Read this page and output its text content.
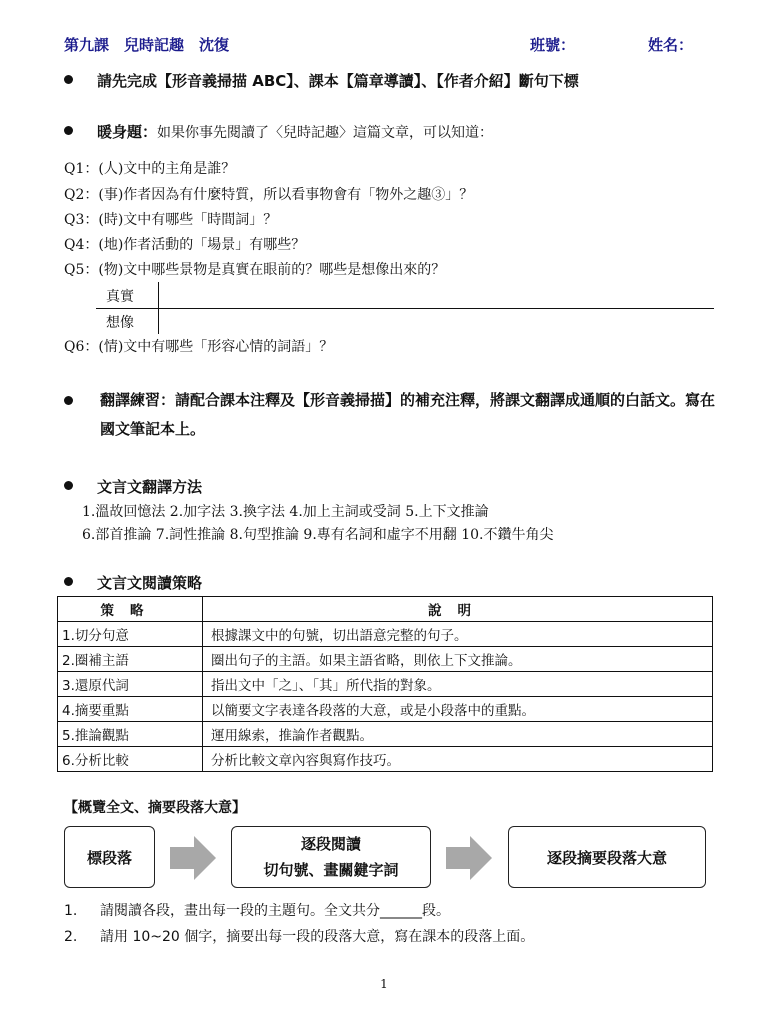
第九課　兒時記趣　沈復	班號：	姓名：
請先完成【形音義掃描 ABC】、課本【篇章導讀】、【作者介紹】斷句下標
暖身題：如果你事先閱讀了〈兒時記趣〉這篇文章，可以知道：
Q1：(人)文中的主角是誰？
Q2：(事)作者因為有什麼特質，所以看事物會有「物外之趣③」？
Q3：(時)文中有哪些「時間詞」？
Q4：(地)作者活動的「場景」有哪些？
Q5：(物)文中哪些景物是真實在眼前的？哪些是想像出來的？
真實
想像
Q6：(情)文中有哪些「形容心情的詞語」？
翻譯練習：請配合課本注釋及【形音義掃描】的補充注釋，將課文翻譯成通順的白話文。寫在國文筆記本上。
文言文翻譯方法
1.溫故回憶法 2.加字法 3.換字法 4.加上主詞或受詞 5.上下文推論
6.部首推論 7.詞性推論 8.句型推論 9.專有名詞和虛字不用翻 10.不鑽牛角尖
文言文閱讀策略
策略	說明
1.切分句意	根據課文中的句號，切出語意完整的句子。
2.圈補主語	圈出句子的主語。如果主語省略，則依上下文推論。
3.還原代詞	指出文中「之」、「其」所代指的對象。
4.摘要重點	以簡要文字表達各段落的大意，或是小段落中的重點。
5.推論觀點	運用線索，推論作者觀點。
6.分析比較	分析比較文章內容與寫作技巧。
【概覽全文、摘要段落大意】
標段落
逐段閱讀
切句號、畫關鍵字詞
逐段摘要段落大意
1. 請閱讀各段，畫出每一段的主題句。全文共分______段。
2. 請用 10~20 個字，摘要出每一段的段落大意，寫在課本的段落上面。
1
